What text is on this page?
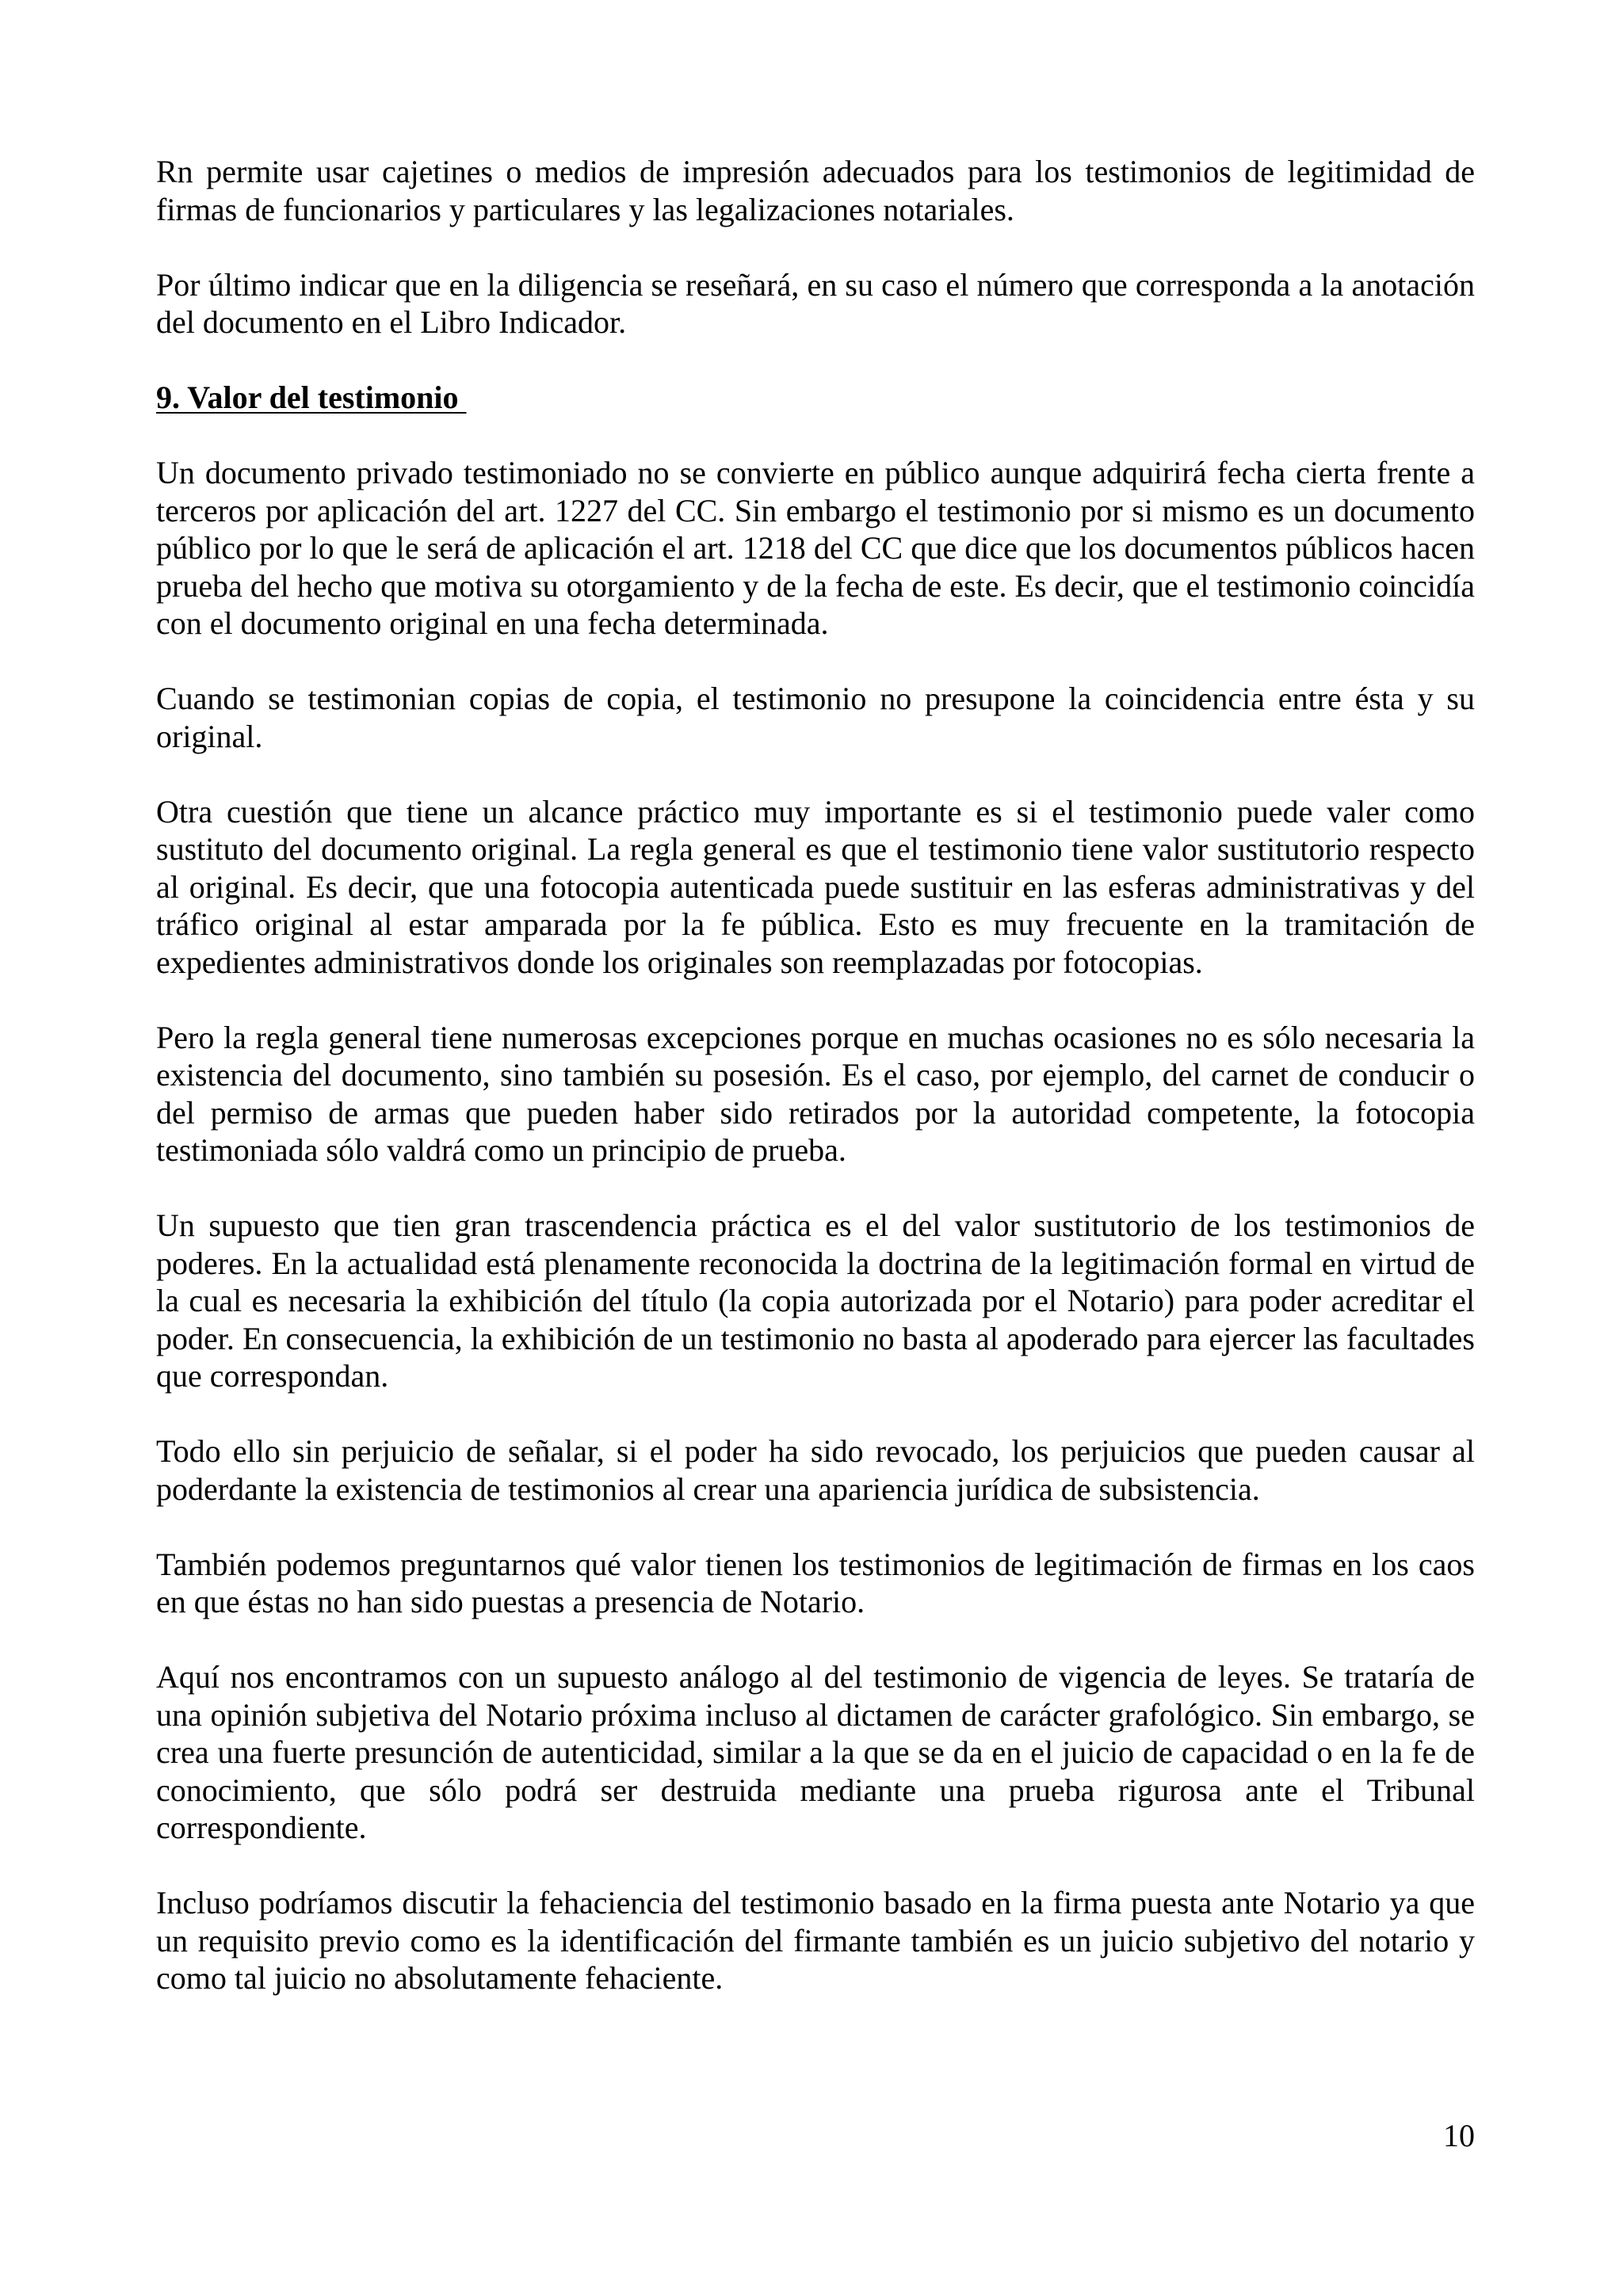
Rn permite usar cajetines o medios de impresión adecuados para los testimonios de legitimidad de firmas de funcionarios y particulares y las legalizaciones notariales.

Por último indicar que en la diligencia se reseñará, en su caso el número que corresponda a la anotación del documento en el Libro Indicador.

9. Valor del testimonio

Un documento privado testimoniado no se convierte en público aunque adquirirá fecha cierta frente a terceros por aplicación del art. 1227 del CC. Sin embargo el testimonio por si mismo es un documento público por lo que le será de aplicación el art. 1218 del CC que dice que los documentos públicos hacen prueba del hecho que motiva su otorgamiento y de la fecha de este. Es decir, que el testimonio coincidía con el documento original en una fecha determinada.

Cuando se testimonian copias de copia, el testimonio no presupone la coincidencia entre ésta y su original.

Otra cuestión que tiene un alcance práctico muy importante es si el testimonio puede valer como sustituto del documento original. La regla general es que el testimonio tiene valor sustitutorio respecto al original. Es decir, que una fotocopia autenticada puede sustituir en las esferas administrativas y del tráfico original al estar amparada por la fe pública. Esto es muy frecuente en la tramitación de expedientes administrativos donde los originales son reemplazadas por fotocopias.

Pero la regla general tiene numerosas excepciones porque en muchas ocasiones no es sólo necesaria la existencia del documento, sino también su posesión. Es el caso, por ejemplo, del carnet de conducir o del permiso de armas que pueden haber sido retirados por la autoridad competente, la fotocopia testimoniada sólo valdrá como un principio de prueba.

Un supuesto que tien gran trascendencia práctica es el del valor sustitutorio de los testimonios de poderes. En la actualidad está plenamente reconocida la doctrina de la legitimación formal en virtud de la cual es necesaria la exhibición del título (la copia autorizada por el Notario) para poder acreditar el poder. En consecuencia, la exhibición de un testimonio no basta al apoderado para ejercer las facultades que correspondan.

Todo ello sin perjuicio de señalar, si el poder ha sido revocado, los perjuicios que pueden causar al poderdante la existencia de testimonios al crear una apariencia jurídica de subsistencia.

También podemos preguntarnos qué valor tienen los testimonios de legitimación de firmas en los caos en que éstas no han sido puestas a presencia de Notario.

Aquí nos encontramos con un supuesto análogo al del testimonio de vigencia de leyes. Se trataría de una opinión subjetiva del Notario próxima incluso al dictamen de carácter grafológico. Sin embargo, se crea una fuerte presunción de autenticidad, similar a la que se da en el juicio de capacidad o en la fe de conocimiento, que sólo podrá ser destruida mediante una prueba rigurosa ante el Tribunal correspondiente.

Incluso podríamos discutir la fehaciencia del testimonio basado en la firma puesta ante Notario ya que un requisito previo como es la identificación del firmante también es un juicio subjetivo del notario y como tal juicio no absolutamente fehaciente.

10
